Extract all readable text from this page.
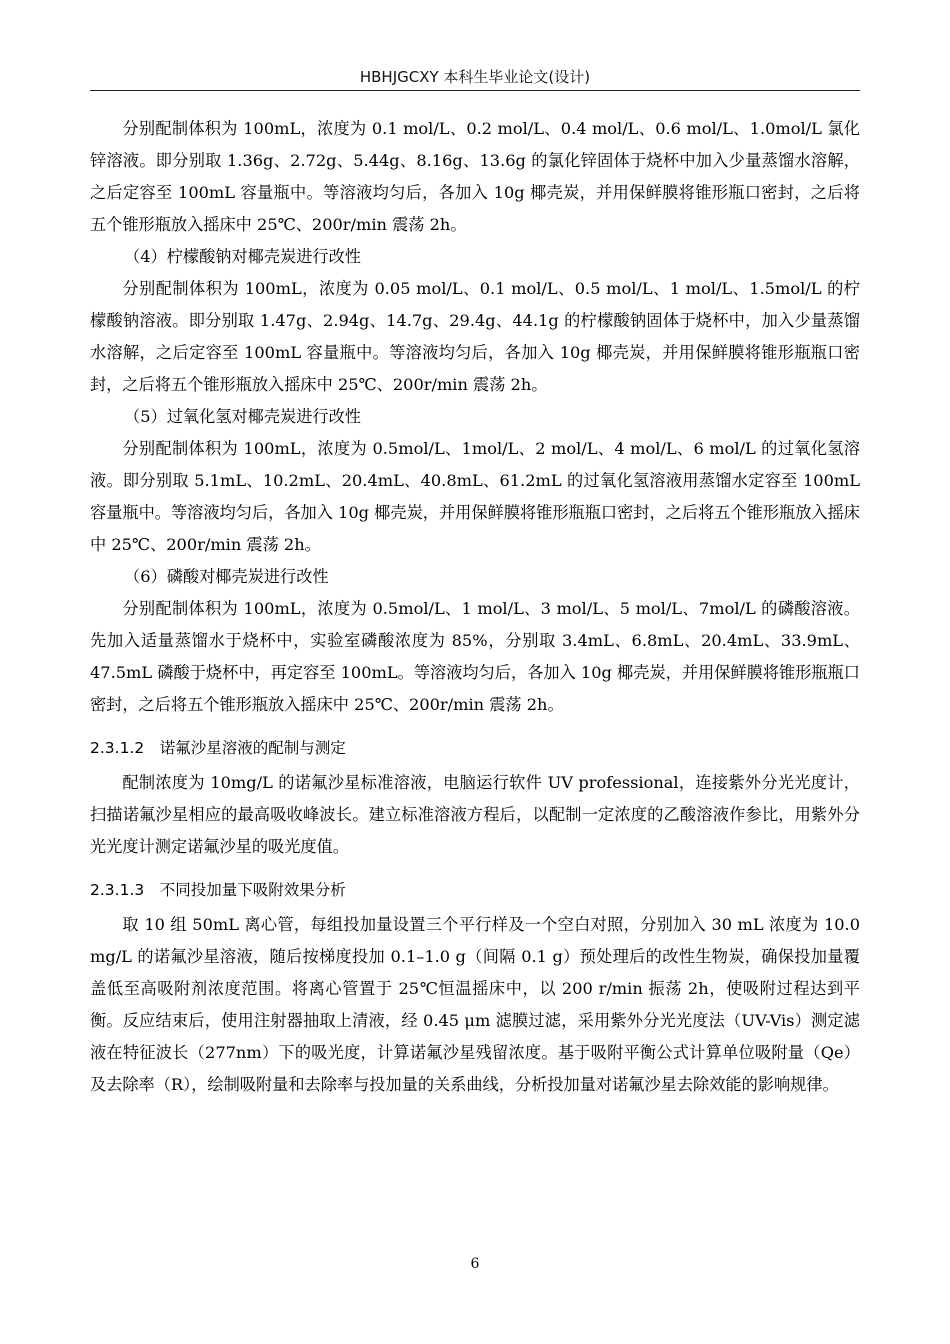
HBHJGCXY 本科生毕业论文(设计)

分别配制体积为 100mL，浓度为 0.1 mol/L、0.2 mol/L、0.4 mol/L、0.6 mol/L、1.0mol/L 氯化锌溶液。即分别取 1.36g、2.72g、5.44g、8.16g、13.6g 的氯化锌固体于烧杯中加入少量蒸馏水溶解，之后定容至 100mL 容量瓶中。等溶液均匀后，各加入 10g 椰壳炭，并用保鲜膜将锥形瓶口密封，之后将五个锥形瓶放入摇床中 25℃、200r/min 震荡 2h。

（4）柠檬酸钠对椰壳炭进行改性

分别配制体积为 100mL，浓度为 0.05 mol/L、0.1 mol/L、0.5 mol/L、1 mol/L、1.5mol/L 的柠檬酸钠溶液。即分别取 1.47g、2.94g、14.7g、29.4g、44.1g 的柠檬酸钠固体于烧杯中，加入少量蒸馏水溶解，之后定容至 100mL 容量瓶中。等溶液均匀后，各加入 10g 椰壳炭，并用保鲜膜将锥形瓶瓶口密封，之后将五个锥形瓶放入摇床中 25℃、200r/min 震荡 2h。

（5）过氧化氢对椰壳炭进行改性

分别配制体积为 100mL，浓度为 0.5mol/L、1mol/L、2 mol/L、4 mol/L、6 mol/L 的过氧化氢溶液。即分别取 5.1mL、10.2mL、20.4mL、40.8mL、61.2mL 的过氧化氢溶液用蒸馏水定容至 100mL 容量瓶中。等溶液均匀后，各加入 10g 椰壳炭，并用保鲜膜将锥形瓶瓶口密封，之后将五个锥形瓶放入摇床中 25℃、200r/min 震荡 2h。

（6）磷酸对椰壳炭进行改性

分别配制体积为 100mL，浓度为 0.5mol/L、1 mol/L、3 mol/L、5 mol/L、7mol/L 的磷酸溶液。先加入适量蒸馏水于烧杯中，实验室磷酸浓度为 85%，分别取 3.4mL、6.8mL、20.4mL、33.9mL、47.5mL 磷酸于烧杯中，再定容至 100mL。等溶液均匀后，各加入 10g 椰壳炭，并用保鲜膜将锥形瓶瓶口密封，之后将五个锥形瓶放入摇床中 25℃、200r/min 震荡 2h。

2.3.1.2　诺氟沙星溶液的配制与测定

配制浓度为 10mg/L 的诺氟沙星标准溶液，电脑运行软件 UV professional，连接紫外分光光度计，扫描诺氟沙星相应的最高吸收峰波长。建立标准溶液方程后，以配制一定浓度的乙酸溶液作参比，用紫外分光光度计测定诺氟沙星的吸光度值。

2.3.1.3　不同投加量下吸附效果分析

取 10 组 50mL 离心管，每组投加量设置三个平行样及一个空白对照，分别加入 30 mL 浓度为 10.0 mg/L 的诺氟沙星溶液，随后按梯度投加 0.1–1.0 g（间隔 0.1 g）预处理后的改性生物炭，确保投加量覆盖低至高吸附剂浓度范围。将离心管置于 25℃恒温摇床中，以 200 r/min 振荡 2h，使吸附过程达到平衡。反应结束后，使用注射器抽取上清液，经 0.45 μm 滤膜过滤，采用紫外分光光度法（UV-Vis）测定滤液在特征波长（277nm）下的吸光度，计算诺氟沙星残留浓度。基于吸附平衡公式计算单位吸附量（Qe）及去除率（R），绘制吸附量和去除率与投加量的关系曲线，分析投加量对诺氟沙星去除效能的影响规律。

6
